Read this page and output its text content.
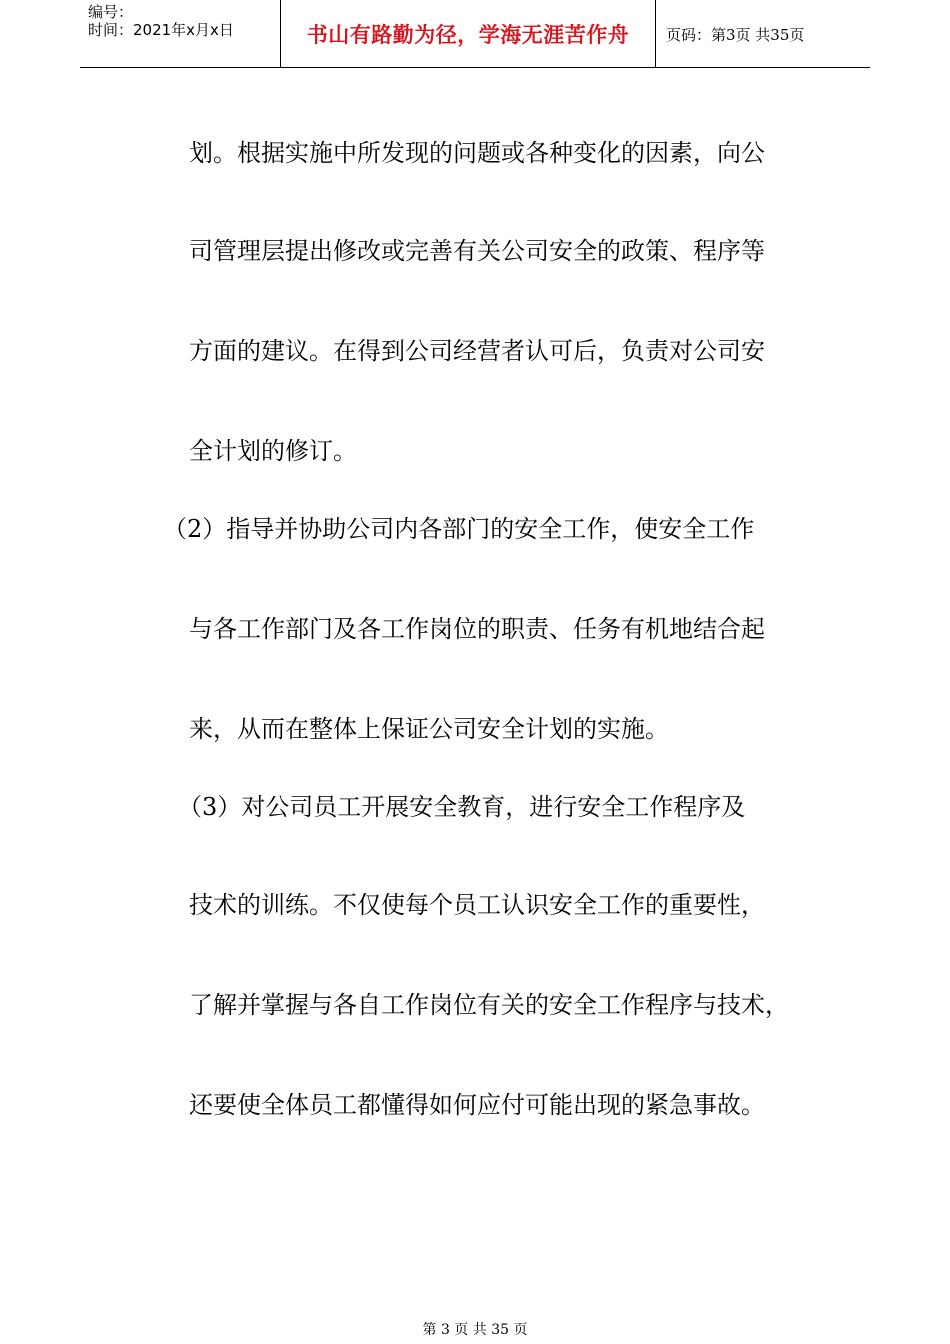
编号：
时间：2021年x月x日	书山有路勤为径，学海无涯苦作舟	页码：第3页 共35页
划。根据实施中所发现的问题或各种变化的因素，向公
司管理层提出修改或完善有关公司安全的政策、程序等
方面的建议。在得到公司经营者认可后，负责对公司安
全计划的修订。
（2）指导并协助公司内各部门的安全工作，使安全工作
与各工作部门及各工作岗位的职责、任务有机地结合起
来，从而在整体上保证公司安全计划的实施。
（3）对公司员工开展安全教育，进行安全工作程序及
技术的训练。不仅使每个员工认识安全工作的重要性，
了解并掌握与各自工作岗位有关的安全工作程序与技术，
还要使全体员工都懂得如何应付可能出现的紧急事故。
第 3 页 共 35 页
